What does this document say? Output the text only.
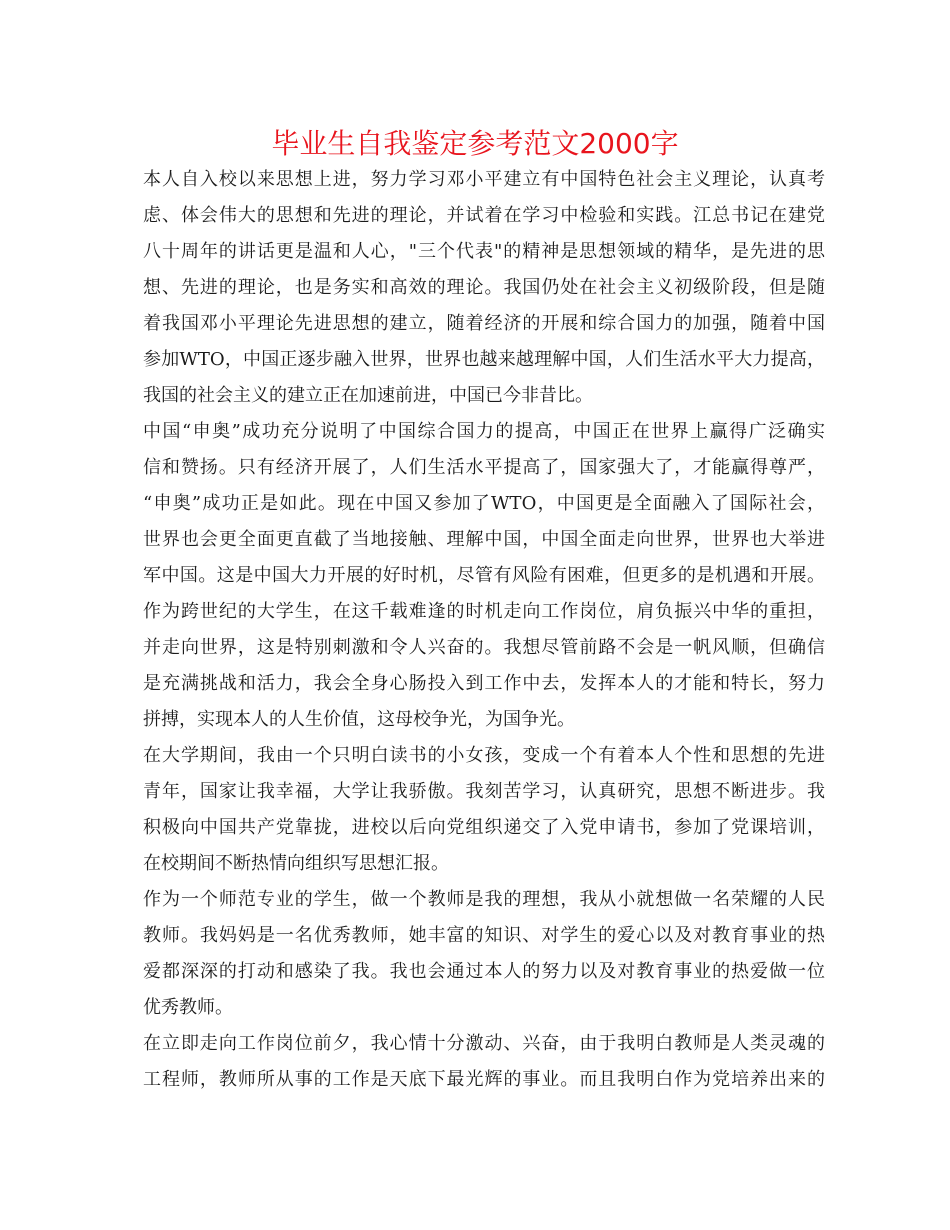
毕业生自我鉴定参考范文2000字
本人自入校以来思想上进，努力学习邓小平建立有中国特色社会主义理论，认真考
虑、体会伟大的思想和先进的理论，并试着在学习中检验和实践。江总书记在建党
八十周年的讲话更是温和人心，"三个代表"的精神是思想领域的精华，是先进的思
想、先进的理论，也是务实和高效的理论。我国仍处在社会主义初级阶段，但是随
着我国邓小平理论先进思想的建立，随着经济的开展和综合国力的加强，随着中国
参加WTO，中国正逐步融入世界，世界也越来越理解中国，人们生活水平大力提高，
我国的社会主义的建立正在加速前进，中国已今非昔比。
中国“申奥”成功充分说明了中国综合国力的提高，中国正在世界上赢得广泛确实
信和赞扬。只有经济开展了，人们生活水平提高了，国家强大了，才能赢得尊严，
“申奥”成功正是如此。现在中国又参加了WTO，中国更是全面融入了国际社会，
世界也会更全面更直截了当地接触、理解中国，中国全面走向世界，世界也大举进
军中国。这是中国大力开展的好时机，尽管有风险有困难，但更多的是机遇和开展。
作为跨世纪的大学生，在这千载难逢的时机走向工作岗位，肩负振兴中华的重担，
并走向世界，这是特别刺激和令人兴奋的。我想尽管前路不会是一帆风顺，但确信
是充满挑战和活力，我会全身心肠投入到工作中去，发挥本人的才能和特长，努力
拼搏，实现本人的人生价值，这母校争光，为国争光。
在大学期间，我由一个只明白读书的小女孩，变成一个有着本人个性和思想的先进
青年，国家让我幸福，大学让我骄傲。我刻苦学习，认真研究，思想不断进步。我
积极向中国共产党靠拢，进校以后向党组织递交了入党申请书，参加了党课培训，
在校期间不断热情向组织写思想汇报。
作为一个师范专业的学生，做一个教师是我的理想，我从小就想做一名荣耀的人民
教师。我妈妈是一名优秀教师，她丰富的知识、对学生的爱心以及对教育事业的热
爱都深深的打动和感染了我。我也会通过本人的努力以及对教育事业的热爱做一位
优秀教师。
在立即走向工作岗位前夕，我心情十分激动、兴奋，由于我明白教师是人类灵魂的
工程师，教师所从事的工作是天底下最光辉的事业。而且我明白作为党培养出来的
